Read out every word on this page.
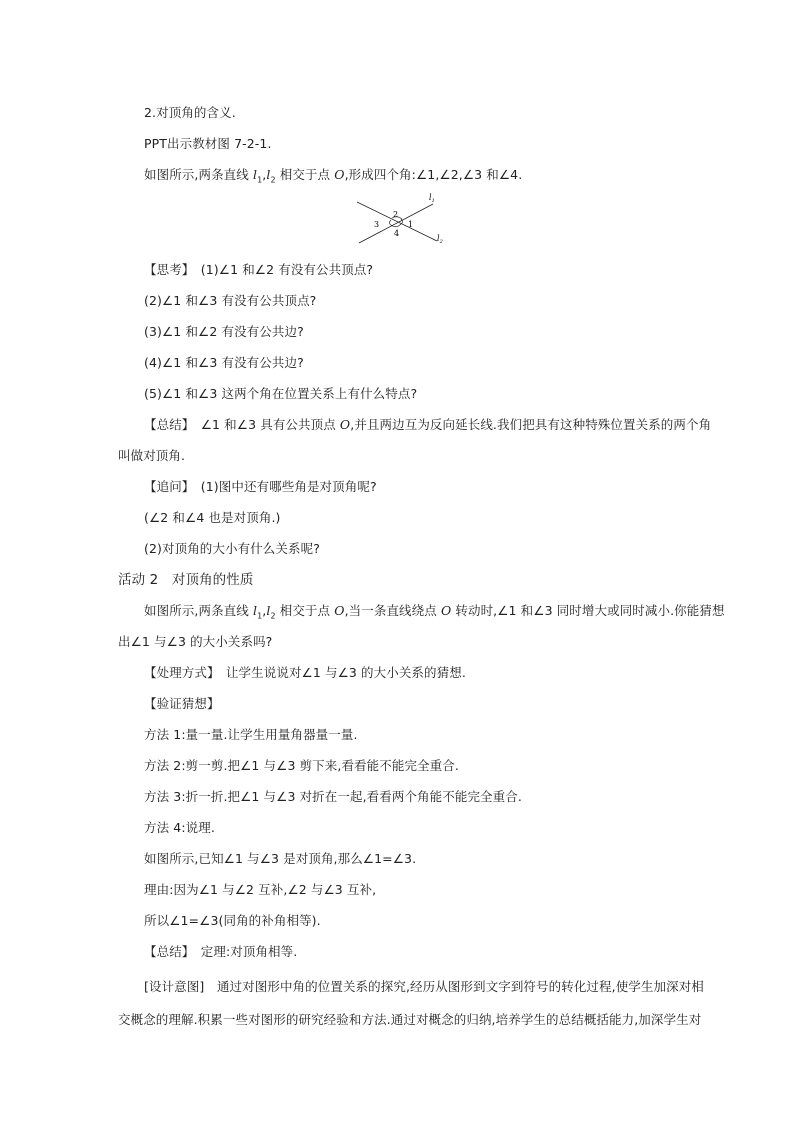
2.对顶角的含义.
PPT出示教材图 7-2-1.
如图所示,两条直线 $l_1,l_2$ 相交于点 O,形成四个角:∠1,∠2,∠3 和∠4.
2
3	1
4
$l_1$
$l_2$
【思考】　(1)∠1 和∠2 有没有公共顶点?
(2)∠1 和∠3 有没有公共顶点?
(3)∠1 和∠2 有没有公共边?
(4)∠1 和∠3 有没有公共边?
(5)∠1 和∠3 这两个角在位置关系上有什么特点?
【总结】　∠1 和∠3 具有公共顶点 O,并且两边互为反向延长线.我们把具有这种特殊位置关系的两个角
叫做对顶角.
【追问】　(1)图中还有哪些角是对顶角呢?
(∠2 和∠4 也是对顶角.)
(2)对顶角的大小有什么关系呢?
活动 2　对顶角的性质
如图所示,两条直线 $l_1,l_2$ 相交于点 O,当一条直线绕点 O 转动时,∠1 和∠3 同时增大或同时减小.你能猜想
出∠1 与∠3 的大小关系吗?
【处理方式】　让学生说说对∠1 与∠3 的大小关系的猜想.
【验证猜想】
方法 1:量一量.让学生用量角器量一量.
方法 2:剪一剪.把∠1 与∠3 剪下来,看看能不能完全重合.
方法 3:折一折.把∠1 与∠3 对折在一起,看看两个角能不能完全重合.
方法 4:说理.
如图所示,已知∠1 与∠3 是对顶角,那么∠1=∠3.
理由:因为∠1 与∠2 互补,∠2 与∠3 互补,
所以∠1=∠3(同角的补角相等).
【总结】　定理:对顶角相等.
[设计意图]　通过对图形中角的位置关系的探究,经历从图形到文字到符号的转化过程,使学生加深对相
交概念的理解.积累一些对图形的研究经验和方法.通过对概念的归纳,培养学生的总结概括能力,加深学生对
